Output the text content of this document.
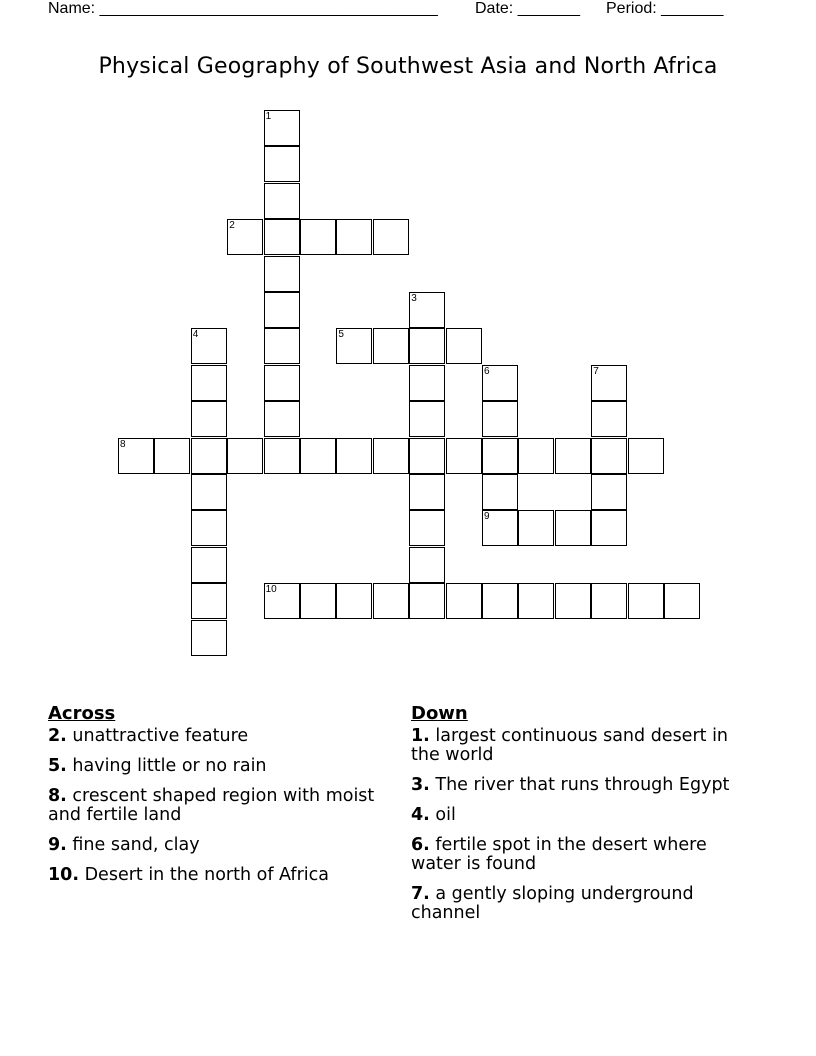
Name: ______________________________________

Date: _______

Period: _______

Physical Geography of Southwest Asia and North Africa
1
2
3
4	5
6
9
7
8
10
Across
2. unattractive feature
5. having little or no rain
8. crescent shaped region with moist and fertile land
9. fine sand, clay
10. Desert in the north of Africa
Down
1. largest continuous sand desert in the world
3. The river that runs through Egypt
4. oil
6. fertile spot in the desert where water is found
7. a gently sloping underground channel
